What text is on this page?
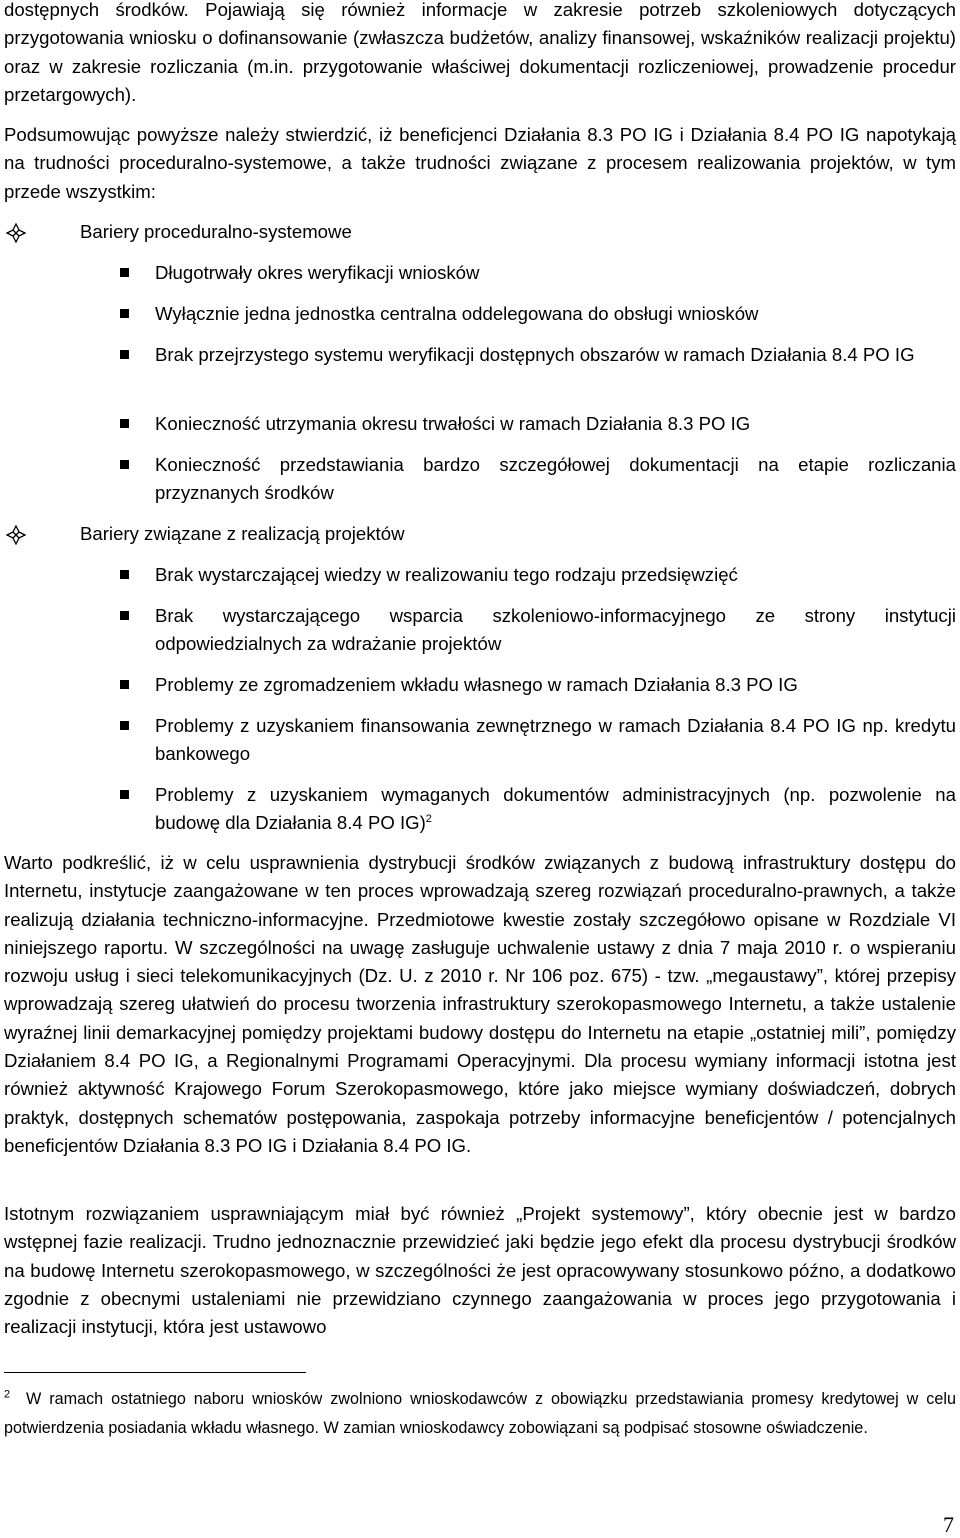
dostępnych środków. Pojawiają się również informacje w zakresie potrzeb szkoleniowych dotyczących przygotowania wniosku o dofinansowanie (zwłaszcza budżetów, analizy finansowej, wskaźników realizacji projektu) oraz w zakresie rozliczania (m.in. przygotowanie właściwej dokumentacji rozliczeniowej, prowadzenie procedur przetargowych).

Podsumowując powyższe należy stwierdzić, iż beneficjenci Działania 8.3 PO IG i Działania 8.4 PO IG napotykają na trudności proceduralno-systemowe, a także trudności związane z procesem realizowania projektów, w tym przede wszystkim:

Bariery proceduralno-systemowe
Długotrwały okres weryfikacji wniosków
Wyłącznie jedna jednostka centralna oddelegowana do obsługi wniosków
Brak przejrzystego systemu weryfikacji dostępnych obszarów w ramach Działania 8.4 PO IG
Konieczność utrzymania okresu trwałości w ramach Działania 8.3 PO IG
Konieczność przedstawiania bardzo szczegółowej dokumentacji na etapie rozliczania przyznanych środków
Bariery związane z realizacją projektów
Brak wystarczającej wiedzy w realizowaniu tego rodzaju przedsięwzięć
Brak wystarczającego wsparcia szkoleniowo-informacyjnego ze strony instytucji odpowiedzialnych za wdrażanie projektów
Problemy ze zgromadzeniem wkładu własnego w ramach Działania 8.3 PO IG
Problemy z uzyskaniem finansowania zewnętrznego w ramach Działania 8.4 PO IG np. kredytu bankowego
Problemy z uzyskaniem wymaganych dokumentów administracyjnych (np. pozwolenie na budowę dla Działania 8.4 PO IG)$^2$

Warto podkreślić, iż w celu usprawnienia dystrybucji środków związanych z budową infrastruktury dostępu do Internetu, instytucje zaangażowane w ten proces wprowadzają szereg rozwiązań proceduralno-prawnych, a także realizują działania techniczno-informacyjne. Przedmiotowe kwestie zostały szczegółowo opisane w Rozdziale VI niniejszego raportu. W szczególności na uwagę zasługuje uchwalenie ustawy z dnia 7 maja 2010 r. o wspieraniu rozwoju usług i sieci telekomunikacyjnych (Dz. U. z 2010 r. Nr 106 poz. 675) - tzw. „megaustawy”, której przepisy wprowadzają szereg ułatwień do procesu tworzenia infrastruktury szerokopasmowego Internetu, a także ustalenie wyraźnej linii demarkacyjnej pomiędzy projektami budowy dostępu do Internetu na etapie „ostatniej mili”, pomiędzy Działaniem 8.4 PO IG, a Regionalnymi Programami Operacyjnymi. Dla procesu wymiany informacji istotna jest również aktywność Krajowego Forum Szerokopasmowego, które jako miejsce wymiany doświadczeń, dobrych praktyk, dostępnych schematów postępowania, zaspokaja potrzeby informacyjne beneficjentów / potencjalnych beneficjentów Działania 8.3 PO IG i Działania 8.4 PO IG.

Istotnym rozwiązaniem usprawniającym miał być również „Projekt systemowy”, który obecnie jest w bardzo wstępnej fazie realizacji. Trudno jednoznacznie przewidzieć jaki będzie jego efekt dla procesu dystrybucji środków na budowę Internetu szerokopasmowego, w szczególności że jest opracowywany stosunkowo późno, a dodatkowo zgodnie z obecnymi ustaleniami nie przewidziano czynnego zaangażowania w proces jego przygotowania i realizacji instytucji, która jest ustawowo

$^2$ W ramach ostatniego naboru wniosków zwolniono wnioskodawców z obowiązku przedstawiania promesy kredytowej w celu potwierdzenia posiadania wkładu własnego. W zamian wnioskodawcy zobowiązani są podpisać stosowne oświadczenie.

7
